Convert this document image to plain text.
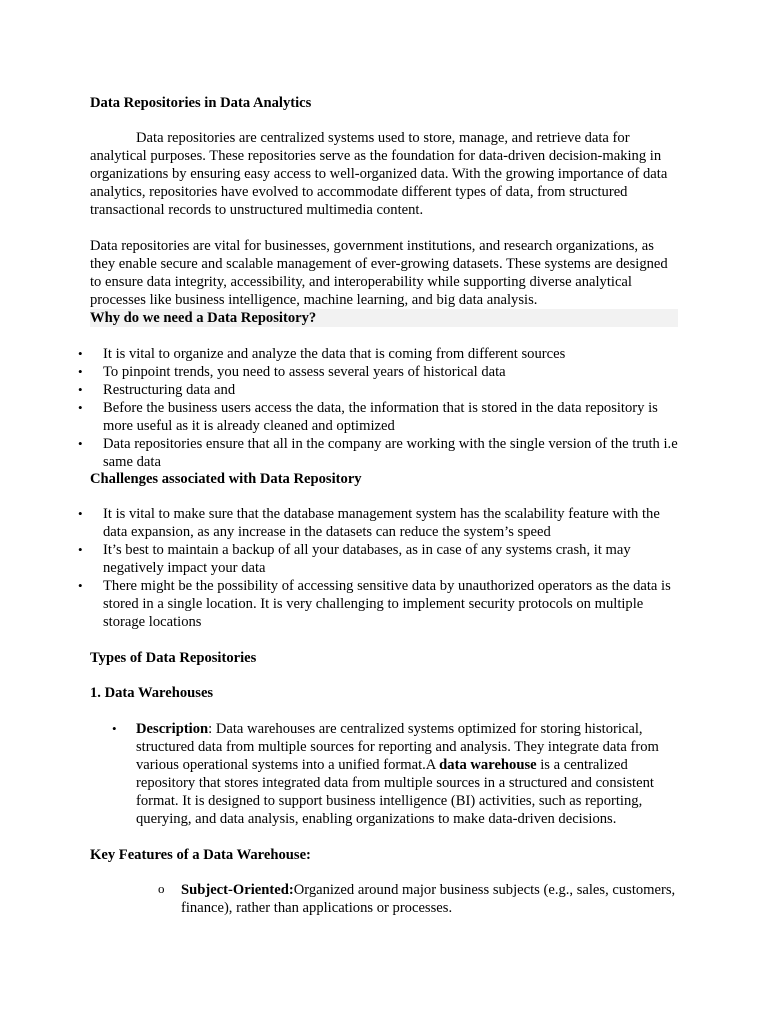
Data Repositories in Data Analytics

Data repositories are centralized systems used to store, manage, and retrieve data for analytical purposes. These repositories serve as the foundation for data-driven decision-making in organizations by ensuring easy access to well-organized data. With the growing importance of data analytics, repositories have evolved to accommodate different types of data, from structured transactional records to unstructured multimedia content.

Data repositories are vital for businesses, government institutions, and research organizations, as they enable secure and scalable management of ever-growing datasets. These systems are designed to ensure data integrity, accessibility, and interoperability while supporting diverse analytical processes like business intelligence, machine learning, and big data analysis.

Why do we need a Data Repository?

• It is vital to organize and analyze the data that is coming from different sources
• To pinpoint trends, you need to assess several years of historical data
• Restructuring data and
• Before the business users access the data, the information that is stored in the data repository is more useful as it is already cleaned and optimized
• Data repositories ensure that all in the company are working with the single version of the truth i.e same data

Challenges associated with Data Repository

• It is vital to make sure that the database management system has the scalability feature with the data expansion, as any increase in the datasets can reduce the system’s speed
• It’s best to maintain a backup of all your databases, as in case of any systems crash, it may negatively impact your data
• There might be the possibility of accessing sensitive data by unauthorized operators as the data is stored in a single location. It is very challenging to implement security protocols on multiple storage locations

Types of Data Repositories

1. Data Warehouses

• Description: Data warehouses are centralized systems optimized for storing historical, structured data from multiple sources for reporting and analysis. They integrate data from various operational systems into a unified format.A data warehouse is a centralized repository that stores integrated data from multiple sources in a structured and consistent format. It is designed to support business intelligence (BI) activities, such as reporting, querying, and data analysis, enabling organizations to make data-driven decisions.

Key Features of a Data Warehouse:

o Subject-Oriented:Organized around major business subjects (e.g., sales, customers, finance), rather than applications or processes.
